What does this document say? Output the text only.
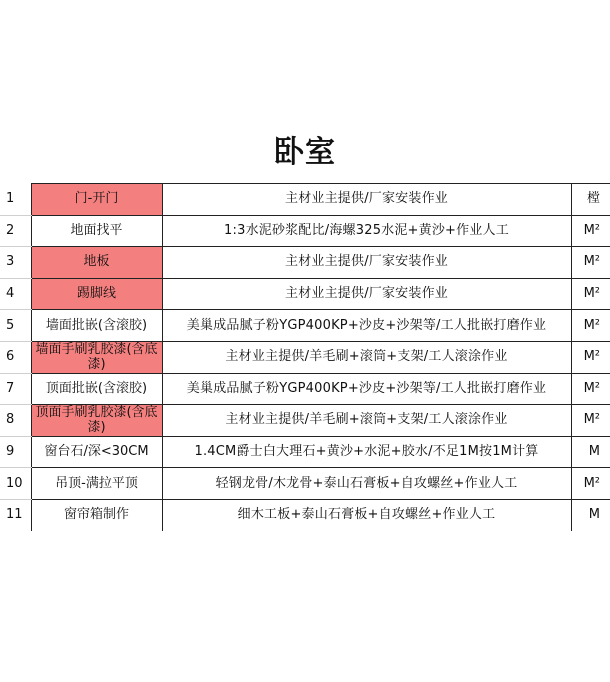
卧室
1	门-开门	主材业主提供/厂家安装作业	樘
2	地面找平	1:3水泥砂浆配比/海螺325水泥+黄沙+作业人工	M²
3	地板	主材业主提供/厂家安装作业	M²
4	踢脚线	主材业主提供/厂家安装作业	M²
5	墙面批嵌(含滚胶)	美巢成品腻子粉YGP400KP+沙皮+沙架等/工人批嵌打磨作业	M²
6	墙面手刷乳胶漆(含底漆)	主材业主提供/羊毛刷+滚筒+支架/工人滚涂作业	M²
7	顶面批嵌(含滚胶)	美巢成品腻子粉YGP400KP+沙皮+沙架等/工人批嵌打磨作业	M²
8	顶面手刷乳胶漆(含底漆)	主材业主提供/羊毛刷+滚筒+支架/工人滚涂作业	M²
9	窗台石/深<30CM	1.4CM爵士白大理石+黄沙+水泥+胶水/不足1M按1M计算	M
10	吊顶-满拉平顶	轻钢龙骨/木龙骨+泰山石膏板+自攻螺丝+作业人工	M²
11	窗帘箱制作	细木工板+泰山石膏板+自攻螺丝+作业人工	M
